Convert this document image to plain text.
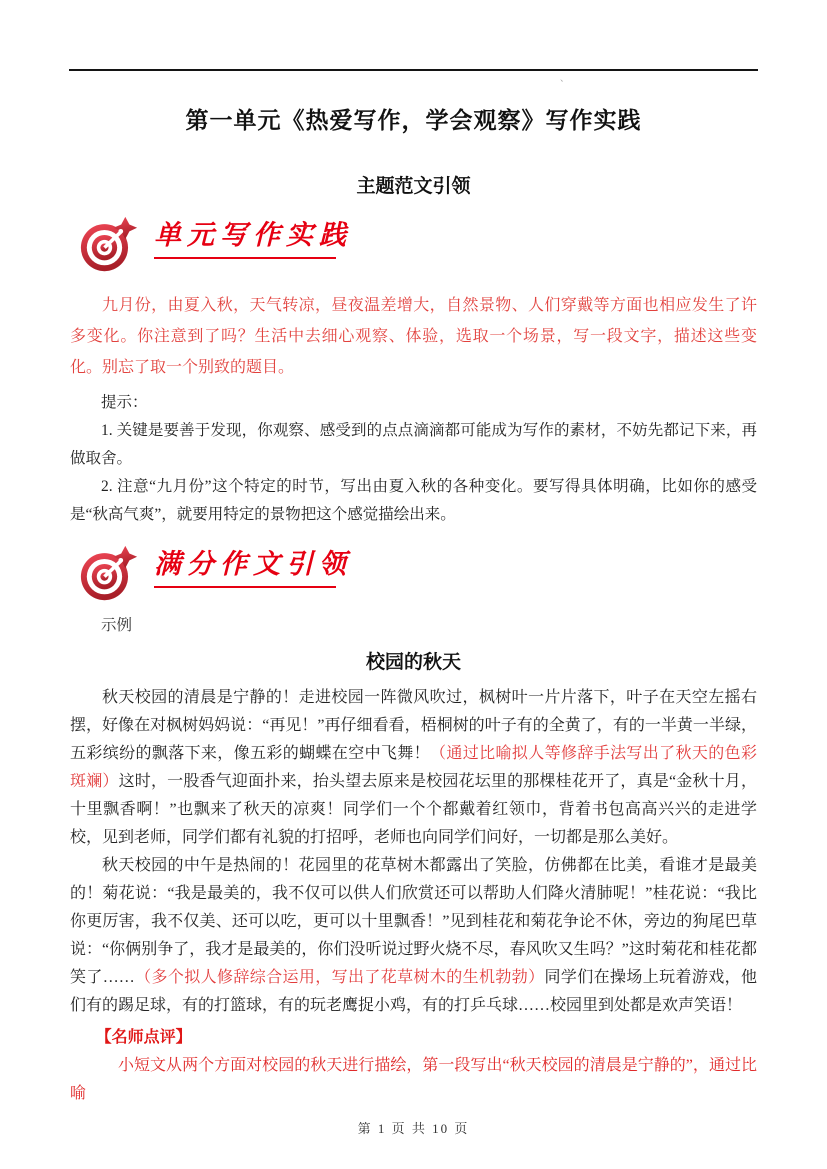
、
第 1 页 共 10 页
第一单元《热爱写作，学会观察》写作实践
主题范文引领
单元写作实践

九月份，由夏入秋，天气转凉，昼夜温差增大，自然景物、人们穿戴等方面也相应发生了许多变化。你注意到了吗？生活中去细心观察、体验，选取一个场景，写一段文字，描述这些变化。别忘了取一个别致的题目。

提示：

1. 关键是要善于发现，你观察、感受到的点点滴滴都可能成为写作的素材，不妨先都记下来，再做取舍。

2. 注意“九月份”这个特定的时节，写出由夏入秋的各种变化。要写得具体明确，比如你的感受是“秋高气爽”，就要用特定的景物把这个感觉描绘出来。

满分作文引领

示例

校园的秋天

秋天校园的清晨是宁静的！走进校园一阵微风吹过，枫树叶一片片落下，叶子在天空左摇右摆，好像在对枫树妈妈说：“再见！”再仔细看看，梧桐树的叶子有的全黄了，有的一半黄一半绿，五彩缤纷的飘落下来，像五彩的蝴蝶在空中飞舞！（通过比喻拟人等修辞手法写出了秋天的色彩斑斓）这时，一股香气迎面扑来，抬头望去原来是校园花坛里的那棵桂花开了，真是“金秋十月，十里飘香啊！”也飘来了秋天的凉爽！同学们一个个都戴着红领巾，背着书包高高兴兴的走进学校，见到老师，同学们都有礼貌的打招呼，老师也向同学们问好，一切都是那么美好。

秋天校园的中午是热闹的！花园里的花草树木都露出了笑脸，仿佛都在比美，看谁才是最美的！菊花说：“我是最美的，我不仅可以供人们欣赏还可以帮助人们降火清肺呢！”桂花说：“我比你更厉害，我不仅美、还可以吃，更可以十里飘香！”见到桂花和菊花争论不休，旁边的狗尾巴草说：“你俩别争了，我才是最美的，你们没听说过野火烧不尽，春风吹又生吗？”这时菊花和桂花都笑了……（多个拟人修辞综合运用，写出了花草树木的生机勃勃）同学们在操场上玩着游戏，他们有的踢足球，有的打篮球，有的玩老鹰捉小鸡，有的打乒乓球……校园里到处都是欢声笑语！

【名师点评】

小短文从两个方面对校园的秋天进行描绘，第一段写出“秋天校园的清晨是宁静的”，通过比喻
